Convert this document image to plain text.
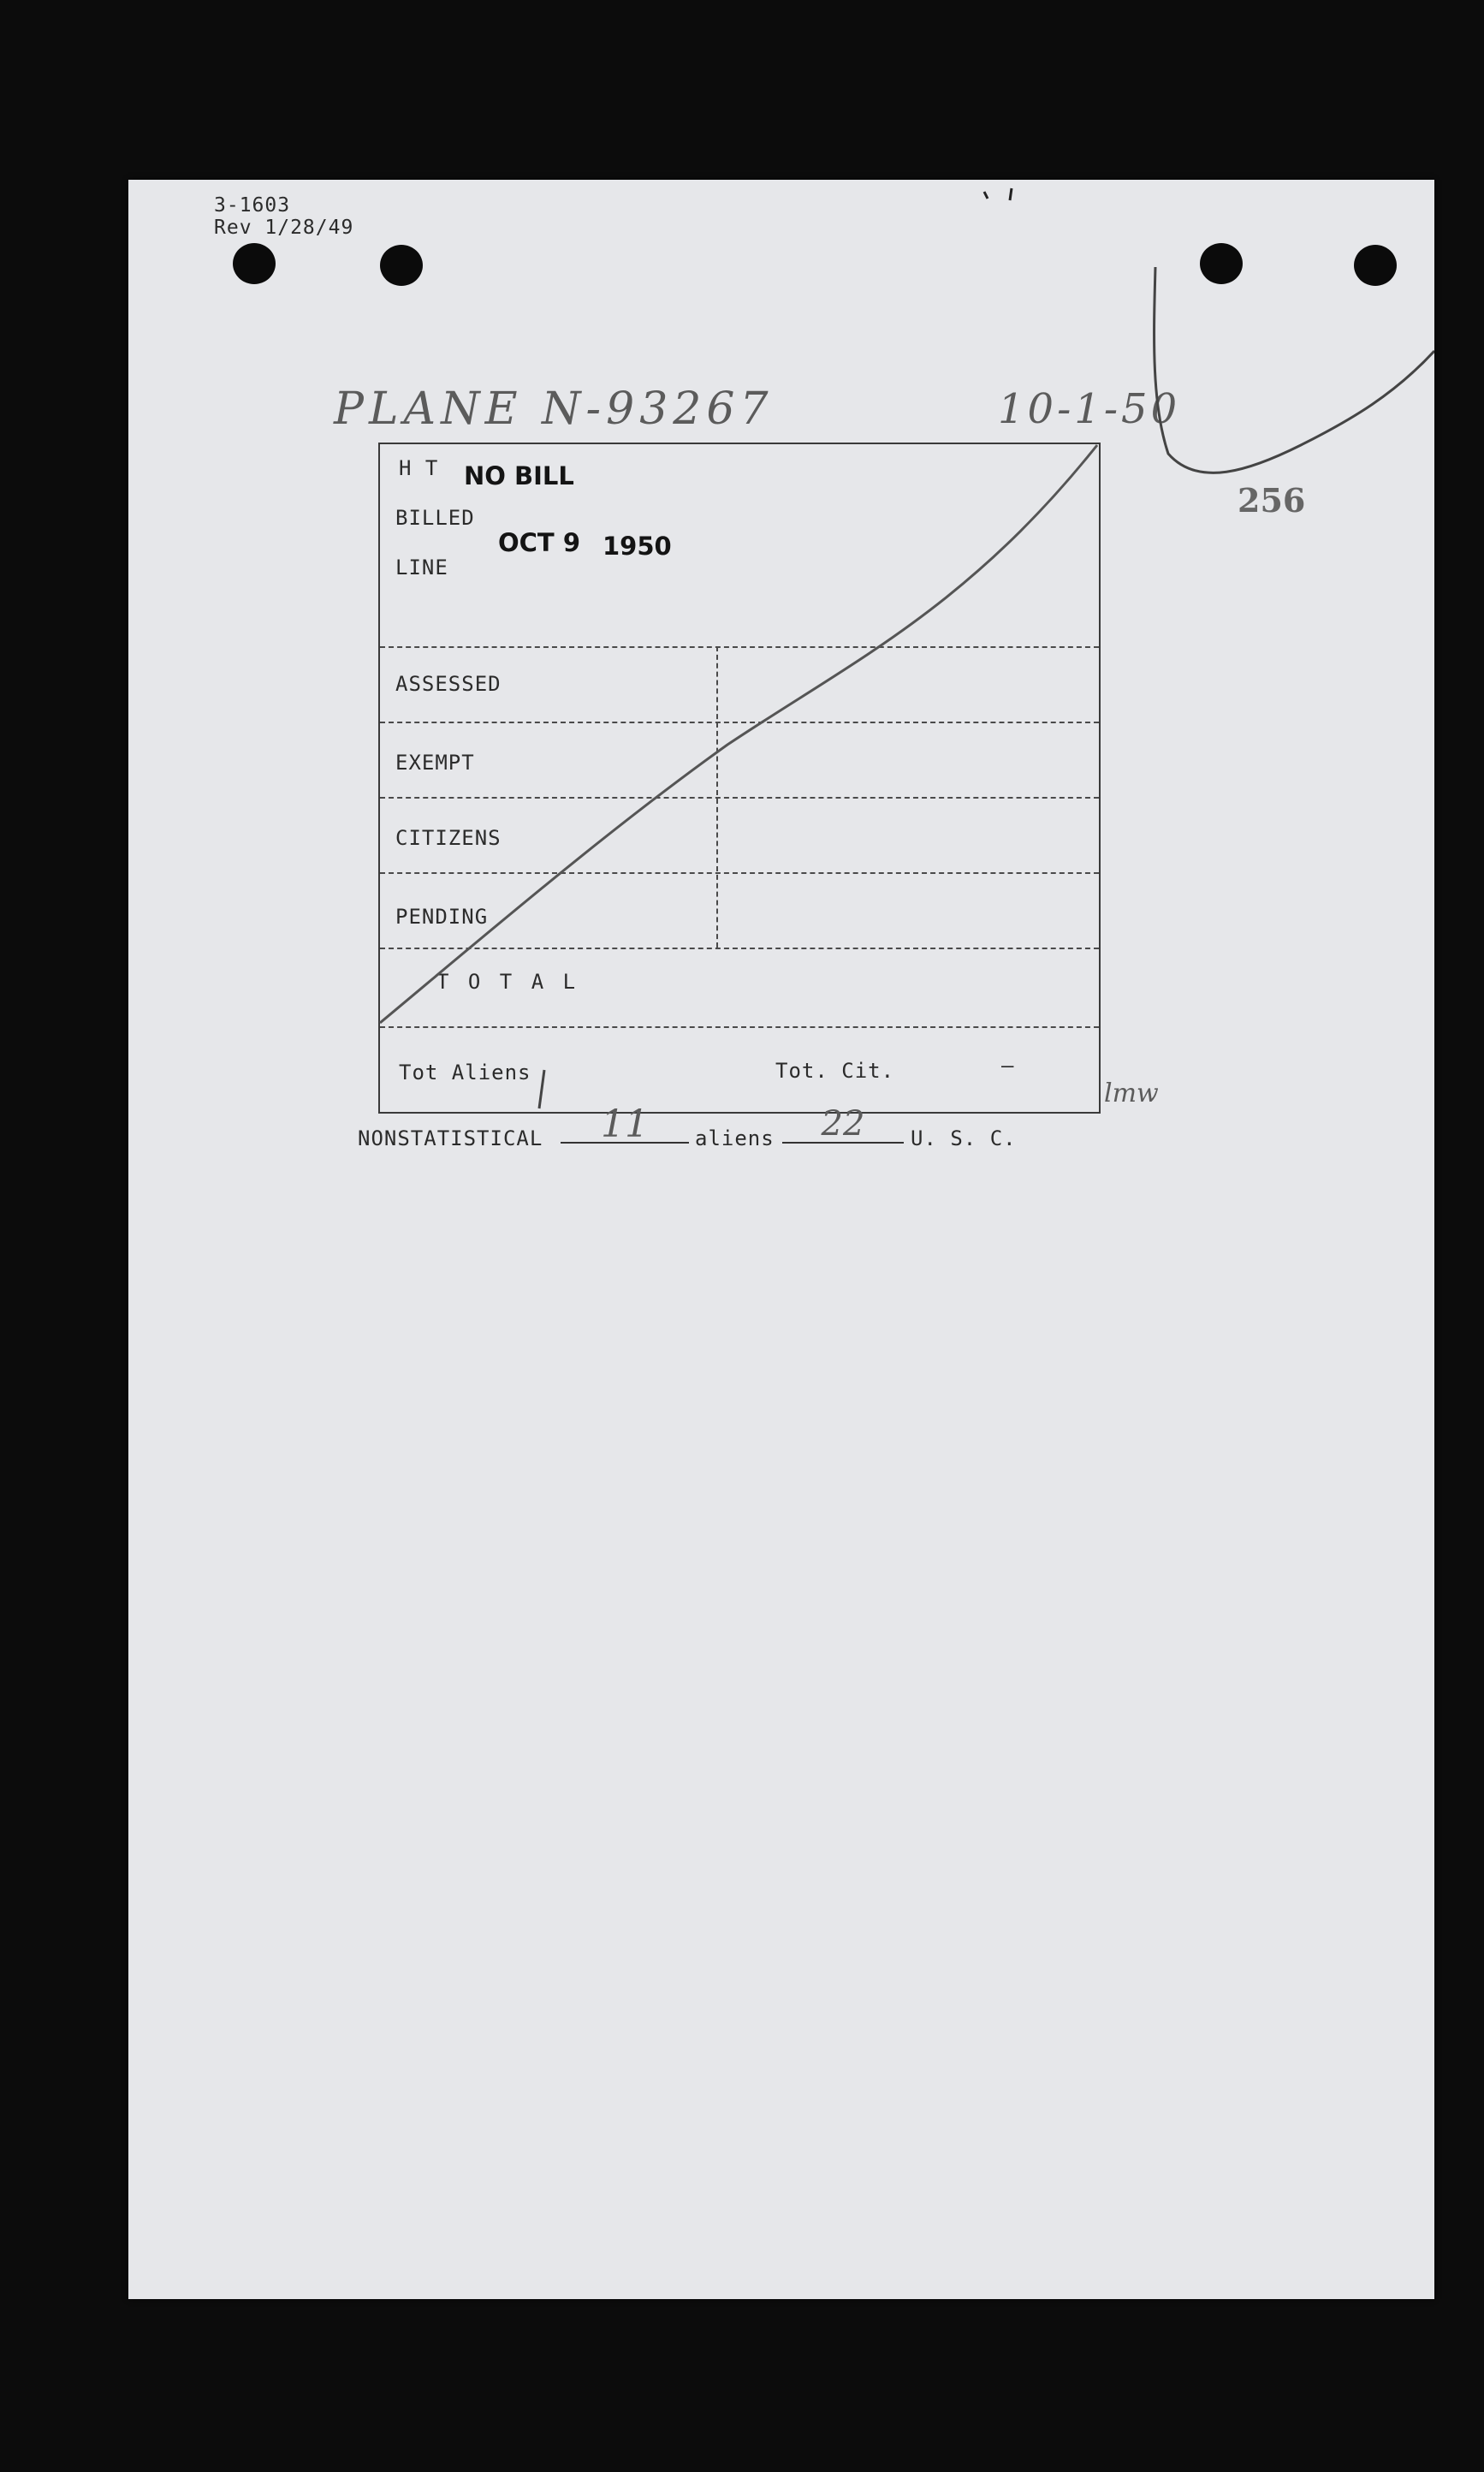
3-1603
Rev 1/28/49
PLANE N-93267	10-1-50
256
H T NO BILL
BILLED
OCT 9 1950
LINE
ASSESSED
EXEMPT
CITIZENS
PENDING
T O T A L
Tot Aliens	Tot. Cit.	—
lmw
NONSTATISTICAL	11	aliens	22	U. S. C.
